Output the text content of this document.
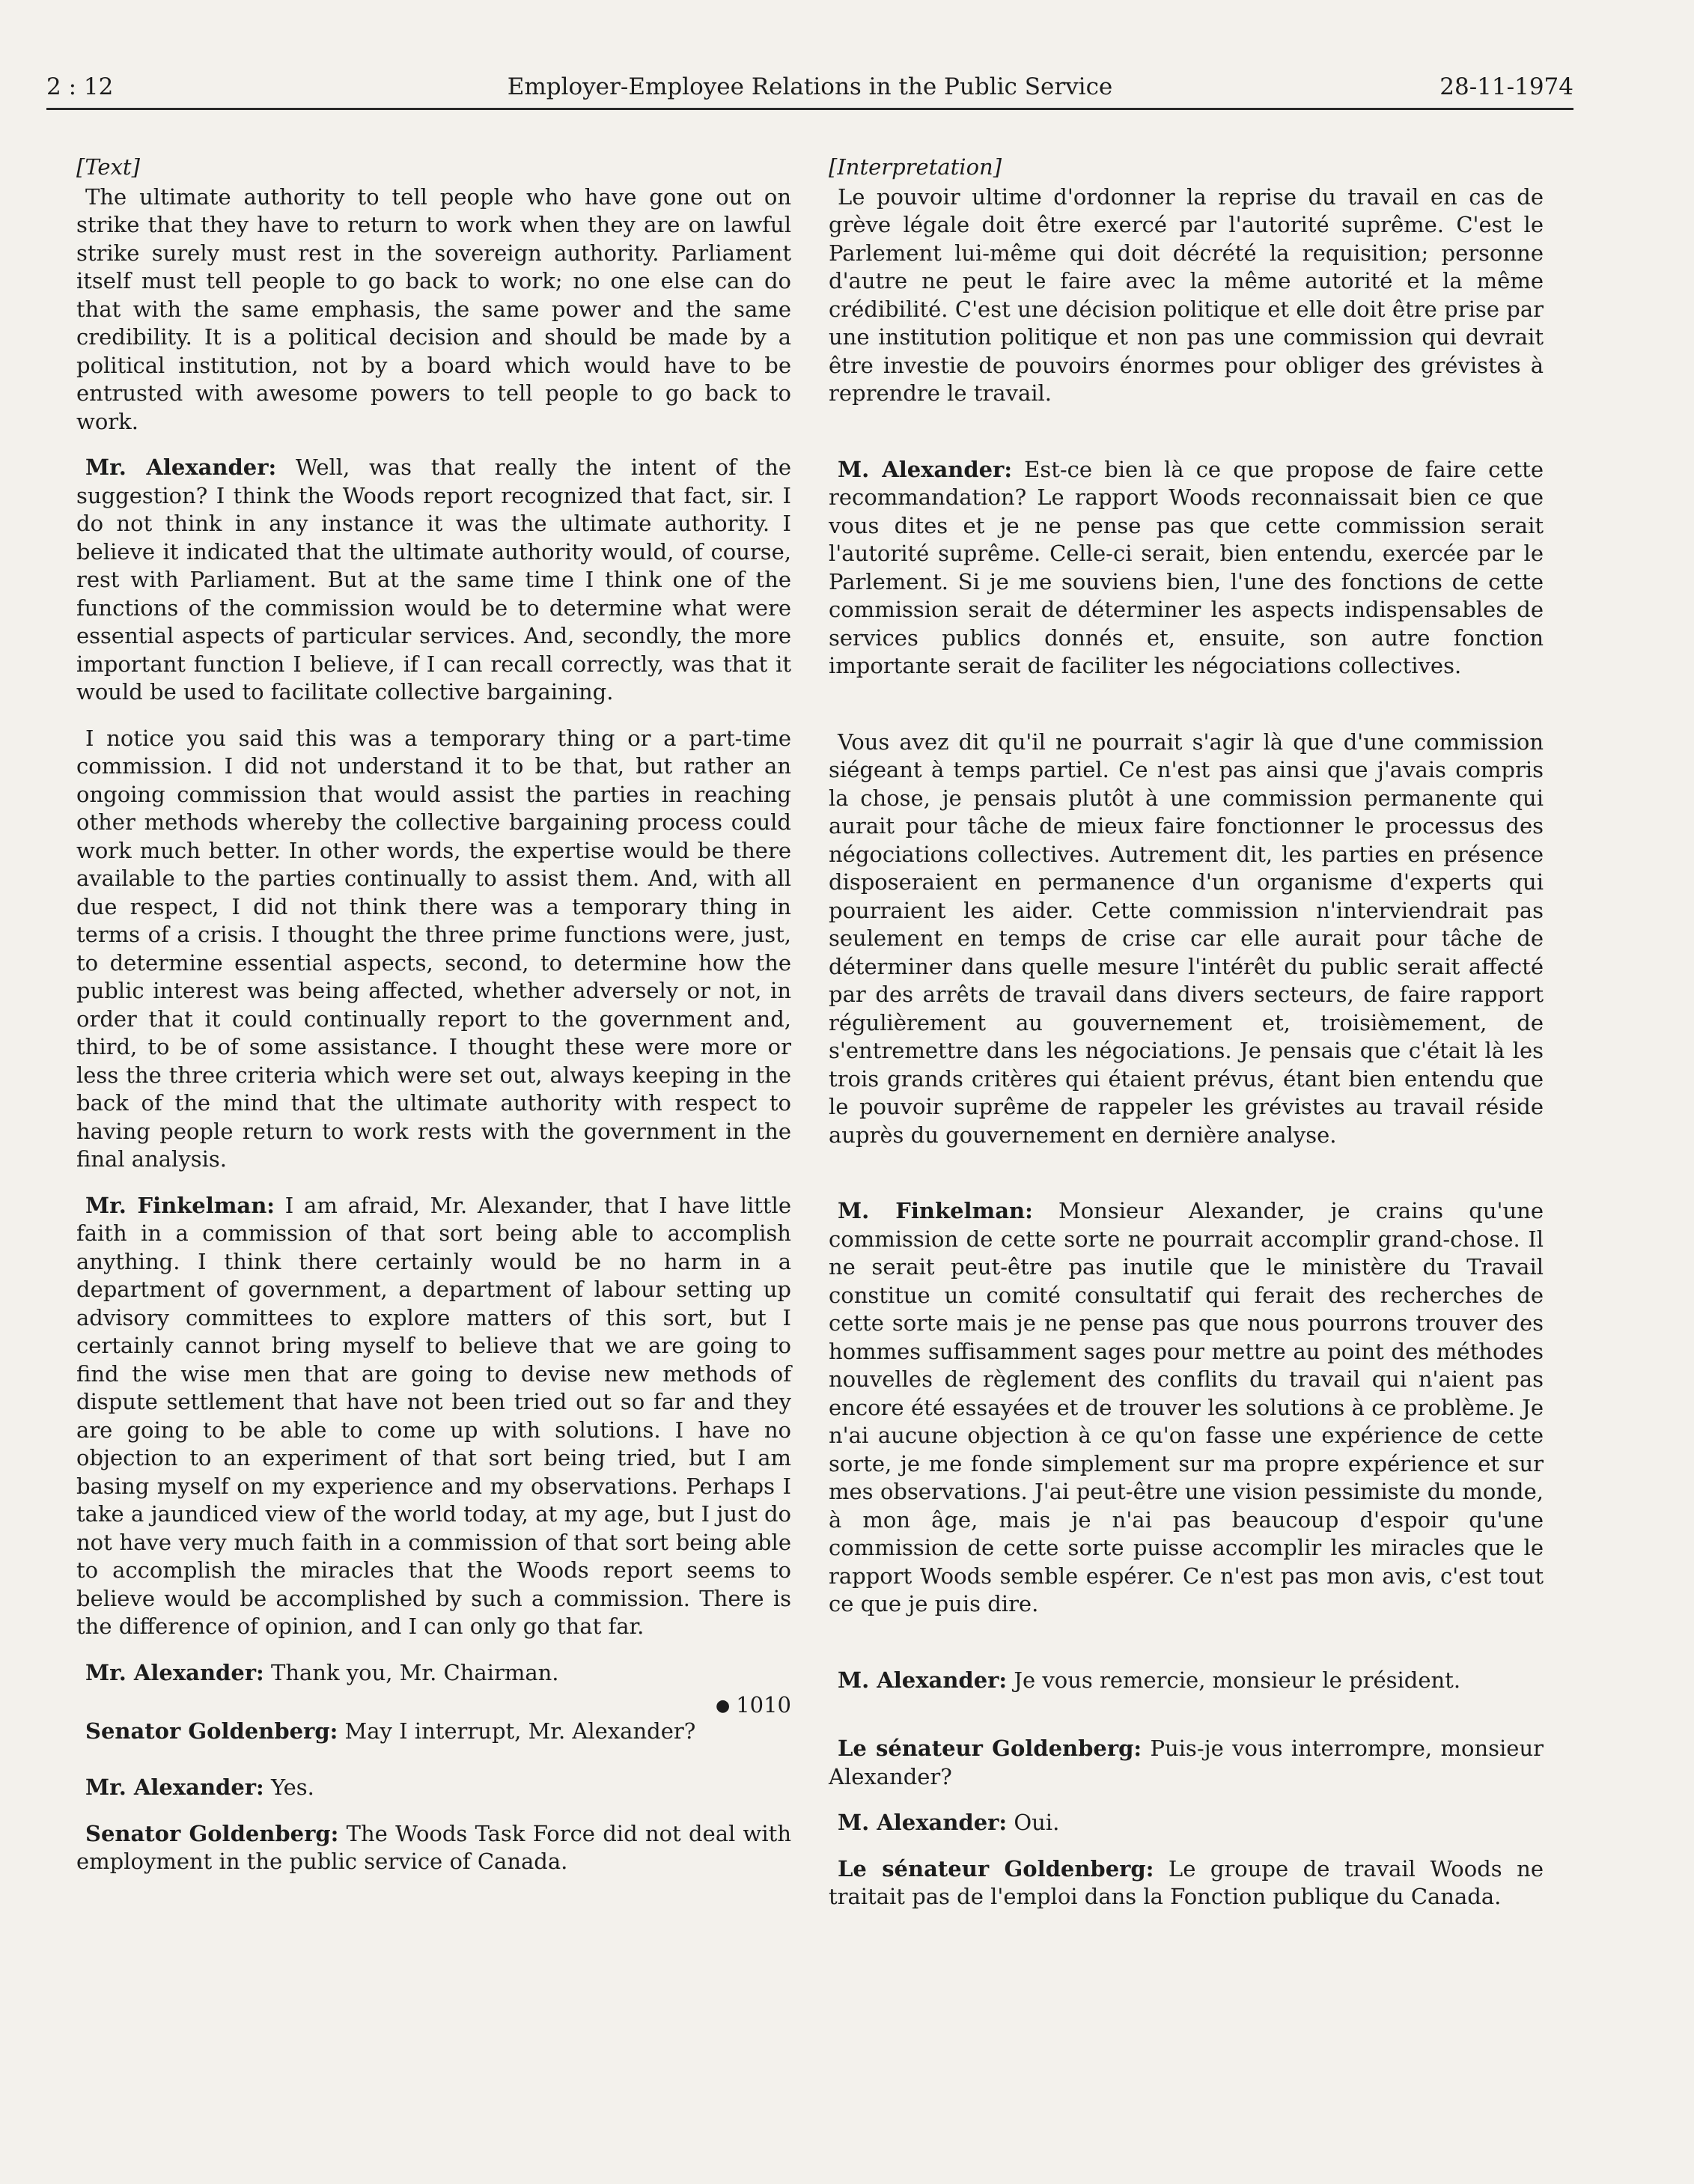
2 : 12	Employer-Employee Relations in the Public Service	28-11-1974

[Text]

The ultimate authority to tell people who have gone out on strike that they have to return to work when they are on lawful strike surely must rest in the sovereign authority. Parliament itself must tell people to go back to work; no one else can do that with the same emphasis, the same power and the same credibility. It is a political decision and should be made by a political institution, not by a board which would have to be entrusted with awesome powers to tell people to go back to work.

Mr. Alexander: Well, was that really the intent of the suggestion? I think the Woods report recognized that fact, sir. I do not think in any instance it was the ultimate authority. I believe it indicated that the ultimate authority would, of course, rest with Parliament. But at the same time I think one of the functions of the commission would be to determine what were essential aspects of particular services. And, secondly, the more important function I believe, if I can recall correctly, was that it would be used to facilitate collective bargaining.

I notice you said this was a temporary thing or a part-time commission. I did not understand it to be that, but rather an ongoing commission that would assist the parties in reaching other methods whereby the collective bargaining process could work much better. In other words, the expertise would be there available to the parties continually to assist them. And, with all due respect, I did not think there was a temporary thing in terms of a crisis. I thought the three prime functions were, just, to determine essential aspects, second, to determine how the public interest was being affected, whether adversely or not, in order that it could continually report to the government and, third, to be of some assistance. I thought these were more or less the three criteria which were set out, always keeping in the back of the mind that the ultimate authority with respect to having people return to work rests with the government in the final analysis.

Mr. Finkelman: I am afraid, Mr. Alexander, that I have little faith in a commission of that sort being able to accomplish anything. I think there certainly would be no harm in a department of government, a department of labour setting up advisory committees to explore matters of this sort, but I certainly cannot bring myself to believe that we are going to find the wise men that are going to devise new methods of dispute settlement that have not been tried out so far and they are going to be able to come up with solutions. I have no objection to an experiment of that sort being tried, but I am basing myself on my experience and my observations. Perhaps I take a jaundiced view of the world today, at my age, but I just do not have very much faith in a commission of that sort being able to accomplish the miracles that the Woods report seems to believe would be accomplished by such a commission. There is the difference of opinion, and I can only go that far.

Mr. Alexander: Thank you, Mr. Chairman.

● 1010

Senator Goldenberg: May I interrupt, Mr. Alexander?

Mr. Alexander: Yes.

Senator Goldenberg: The Woods Task Force did not deal with employment in the public service of Canada.

[Interpretation]

Le pouvoir ultime d'ordonner la reprise du travail en cas de grève légale doit être exercé par l'autorité suprême. C'est le Parlement lui-même qui doit décrété la requisition; personne d'autre ne peut le faire avec la même autorité et la même crédibilité. C'est une décision politique et elle doit être prise par une institution politique et non pas une commission qui devrait être investie de pouvoirs énormes pour obliger des grévistes à reprendre le travail.

M. Alexander: Est-ce bien là ce que propose de faire cette recommandation? Le rapport Woods reconnaissait bien ce que vous dites et je ne pense pas que cette commission serait l'autorité suprême. Celle-ci serait, bien entendu, exercée par le Parlement. Si je me souviens bien, l'une des fonctions de cette commission serait de déterminer les aspects indispensables de services publics donnés et, ensuite, son autre fonction importante serait de faciliter les négociations collectives.

Vous avez dit qu'il ne pourrait s'agir là que d'une commission siégeant à temps partiel. Ce n'est pas ainsi que j'avais compris la chose, je pensais plutôt à une commission permanente qui aurait pour tâche de mieux faire fonctionner le processus des négociations collectives. Autrement dit, les parties en présence disposeraient en permanence d'un organisme d'experts qui pourraient les aider. Cette commission n'interviendrait pas seulement en temps de crise car elle aurait pour tâche de déterminer dans quelle mesure l'intérêt du public serait affecté par des arrêts de travail dans divers secteurs, de faire rapport régulièrement au gouvernement et, troisièmement, de s'entremettre dans les négociations. Je pensais que c'était là les trois grands critères qui étaient prévus, étant bien entendu que le pouvoir suprême de rappeler les grévistes au travail réside auprès du gouvernement en dernière analyse.

M. Finkelman: Monsieur Alexander, je crains qu'une commission de cette sorte ne pourrait accomplir grand-chose. Il ne serait peut-être pas inutile que le ministère du Travail constitue un comité consultatif qui ferait des recherches de cette sorte mais je ne pense pas que nous pourrons trouver des hommes suffisamment sages pour mettre au point des méthodes nouvelles de règlement des conflits du travail qui n'aient pas encore été essayées et de trouver les solutions à ce problème. Je n'ai aucune objection à ce qu'on fasse une expérience de cette sorte, je me fonde simplement sur ma propre expérience et sur mes observations. J'ai peut-être une vision pessimiste du monde, à mon âge, mais je n'ai pas beaucoup d'espoir qu'une commission de cette sorte puisse accomplir les miracles que le rapport Woods semble espérer. Ce n'est pas mon avis, c'est tout ce que je puis dire.

M. Alexander: Je vous remercie, monsieur le président.

Le sénateur Goldenberg: Puis-je vous interrompre, monsieur Alexander?

M. Alexander: Oui.

Le sénateur Goldenberg: Le groupe de travail Woods ne traitait pas de l'emploi dans la Fonction publique du Canada.
